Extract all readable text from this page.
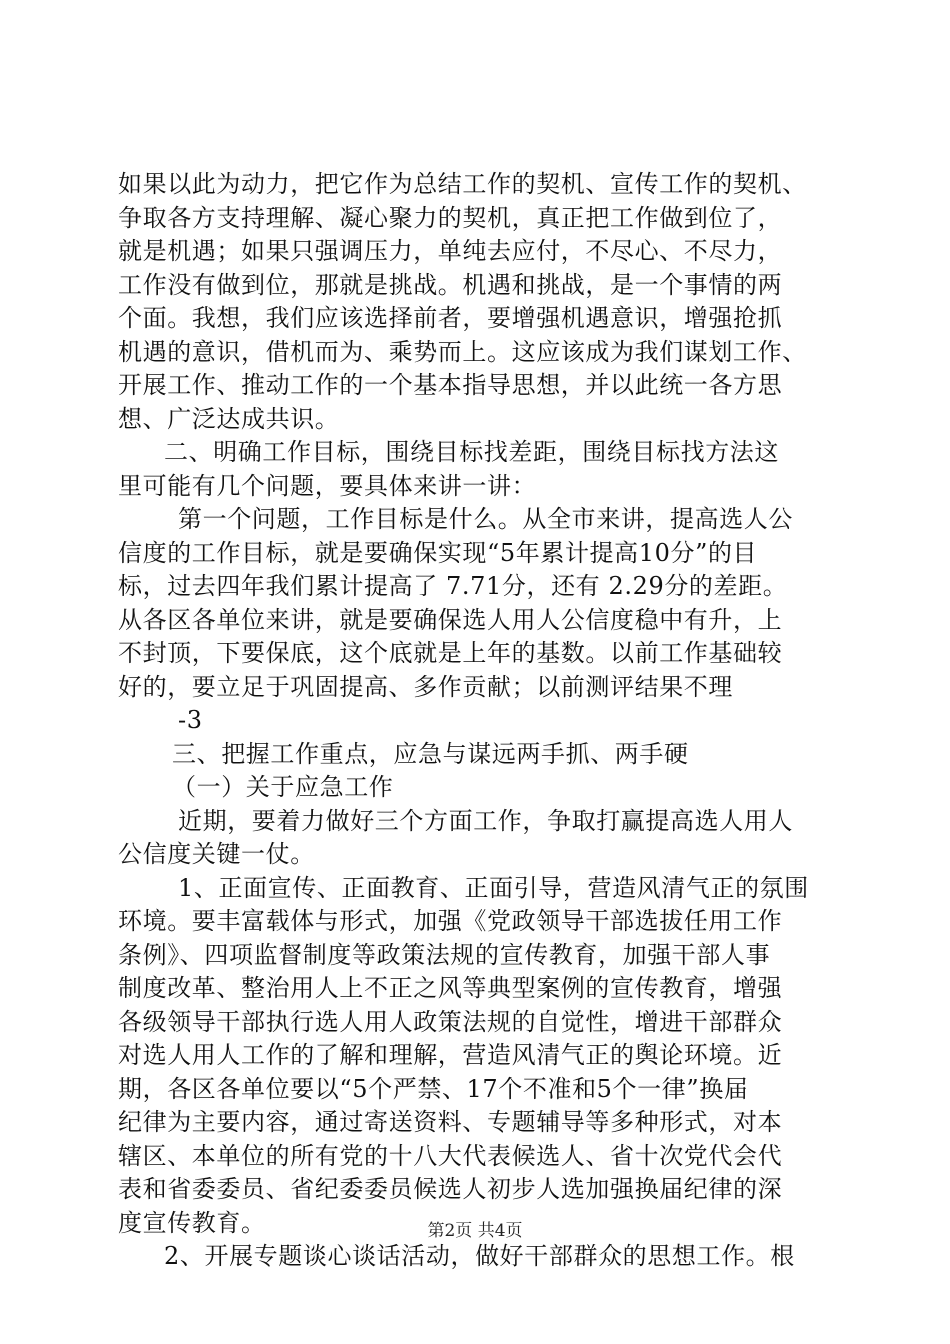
如果以此为动力，把它作为总结工作的契机、宣传工作的契机、
争取各方支持理解、凝心聚力的契机，真正把工作做到位了，
就是机遇；如果只强调压力，单纯去应付，不尽心、不尽力，
工作没有做到位，那就是挑战。机遇和挑战，是一个事情的两
个面。我想，我们应该选择前者，要增强机遇意识，增强抢抓
机遇的意识，借机而为、乘势而上。这应该成为我们谋划工作、
开展工作、推动工作的一个基本指导思想，并以此统一各方思
想、广泛达成共识。
二、明确工作目标，围绕目标找差距，围绕目标找方法这
里可能有几个问题，要具体来讲一讲：
第一个问题，工作目标是什么。从全市来讲，提高选人公
信度的工作目标，就是要确保实现“5年累计提高10分”的目
标，过去四年我们累计提高了 7.71分，还有 2.29分的差距。
从各区各单位来讲，就是要确保选人用人公信度稳中有升，上
不封顶，下要保底，这个底就是上年的基数。以前工作基础较
好的，要立足于巩固提高、多作贡献；以前测评结果不理
-3
三、把握工作重点，应急与谋远两手抓、两手硬
（一）关于应急工作
近期，要着力做好三个方面工作，争取打赢提高选人用人
公信度关键一仗。
1、正面宣传、正面教育、正面引导，营造风清气正的氛围
环境。要丰富载体与形式，加强《党政领导干部选拔任用工作
条例》、四项监督制度等政策法规的宣传教育，加强干部人事
制度改革、整治用人上不正之风等典型案例的宣传教育，增强
各级领导干部执行选人用人政策法规的自觉性，增进干部群众
对选人用人工作的了解和理解，营造风清气正的舆论环境。近
期，各区各单位要以“5个严禁、17个不准和5个一律”换届
纪律为主要内容，通过寄送资料、专题辅导等多种形式，对本
辖区、本单位的所有党的十八大代表候选人、省十次党代会代
表和省委委员、省纪委委员候选人初步人选加强换届纪律的深
度宣传教育。
2、开展专题谈心谈话活动，做好干部群众的思想工作。根
第2页 共4页
